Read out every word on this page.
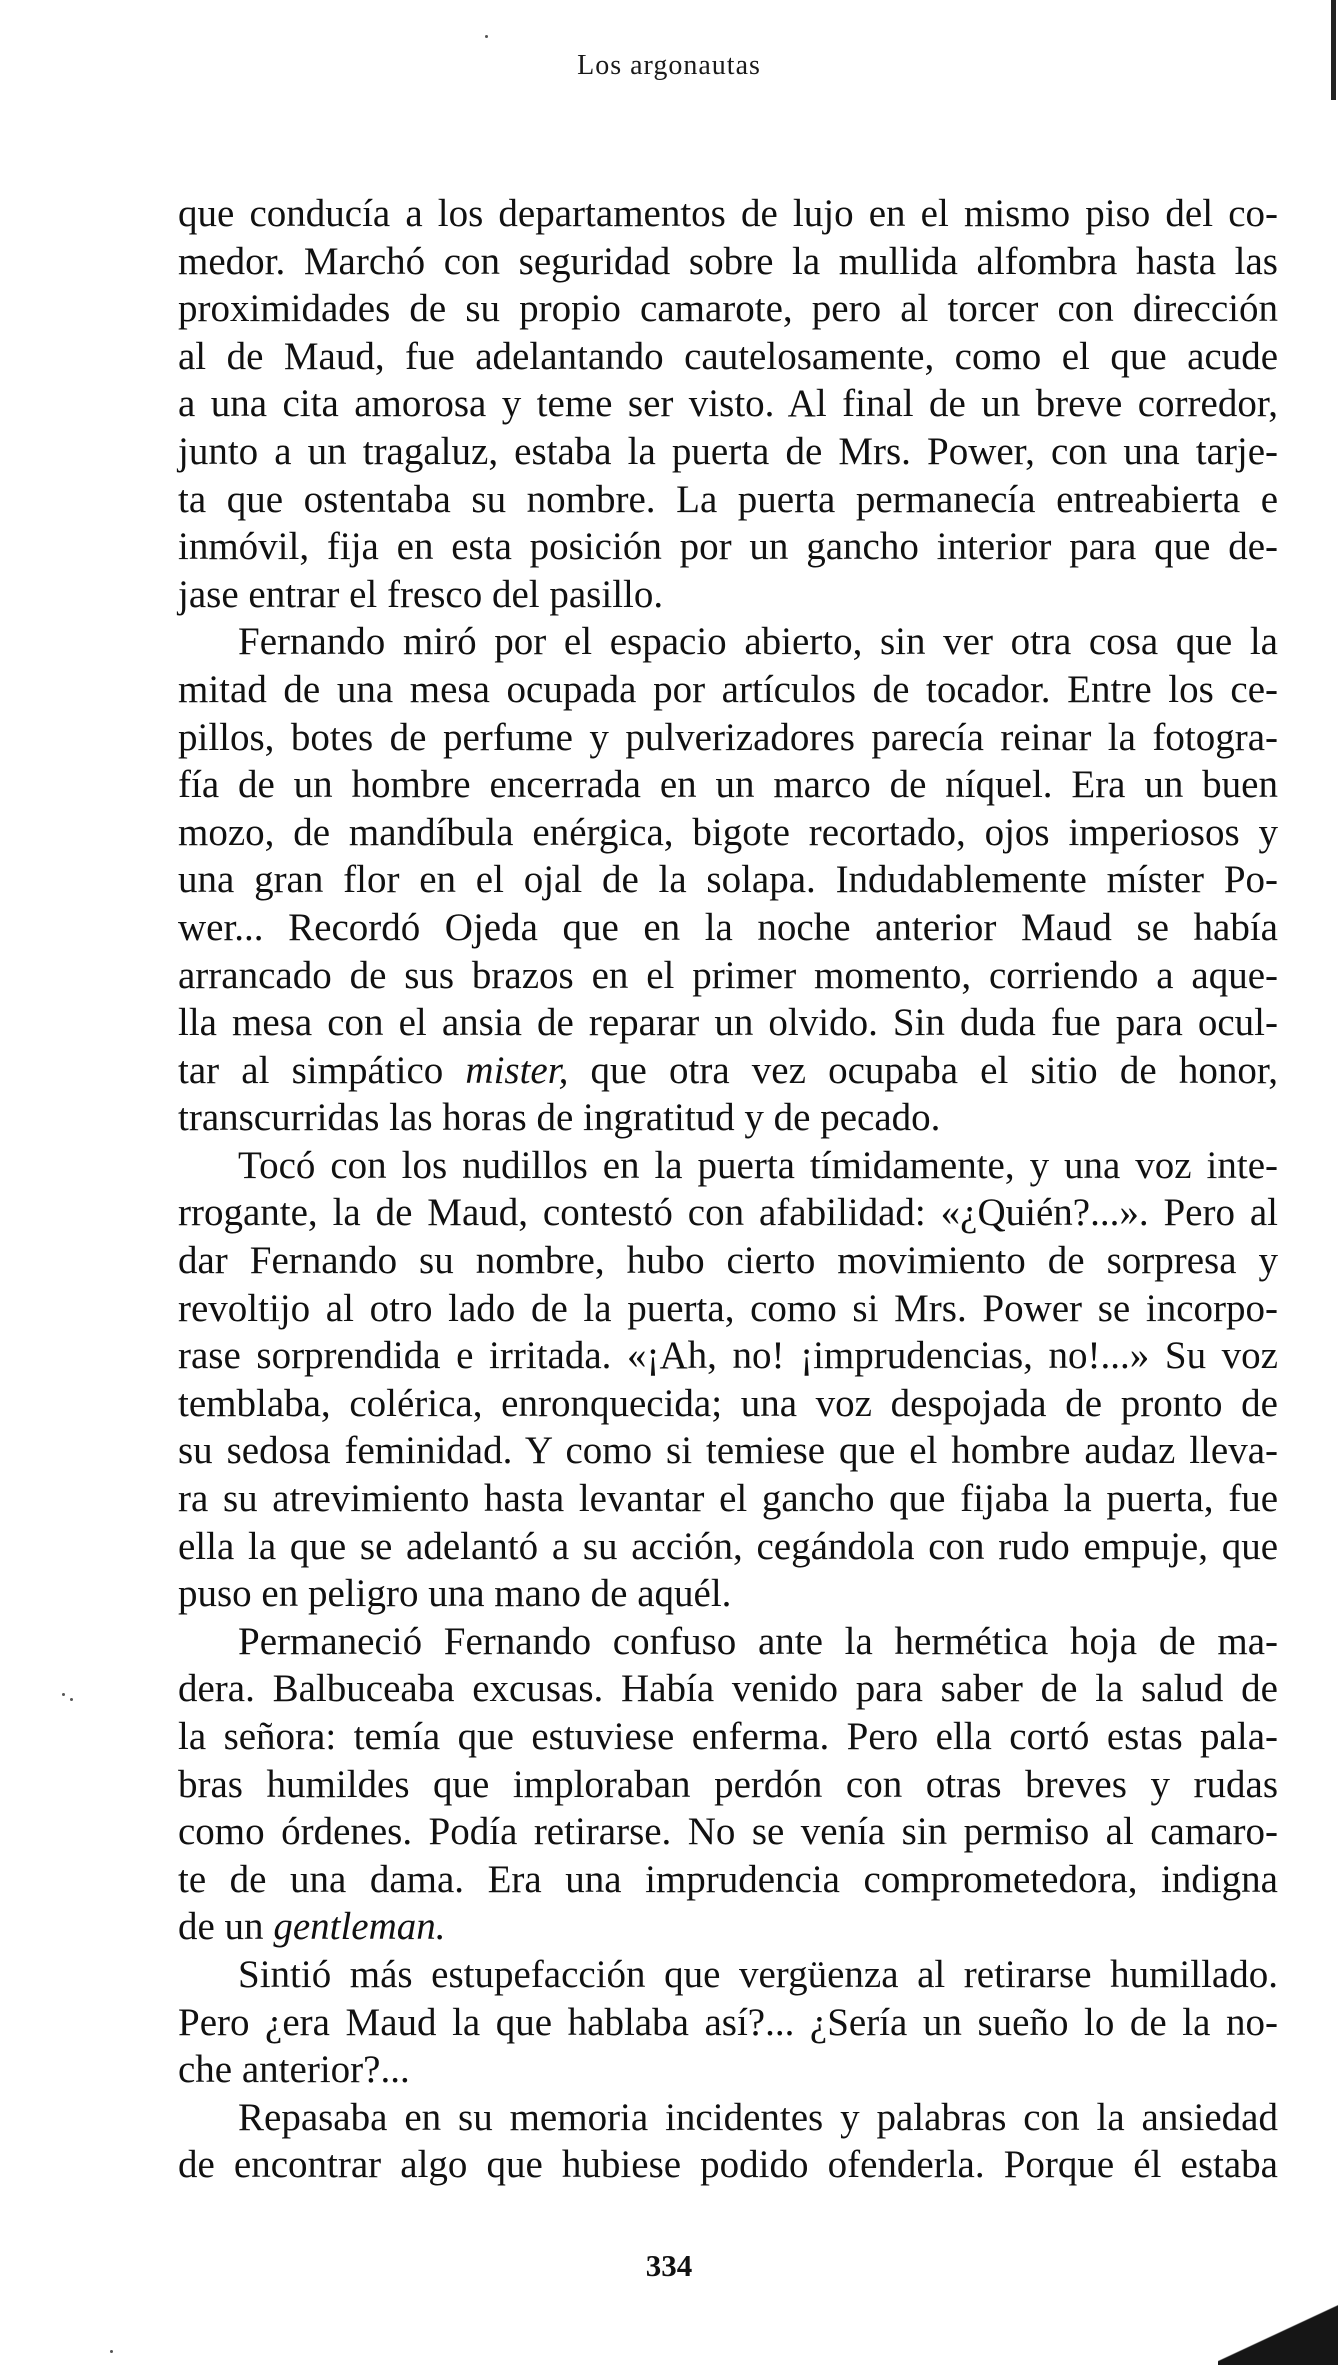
Los argonautas
que conducía a los departamentos de lujo en el mismo piso del co-
medor. Marchó con seguridad sobre la mullida alfombra hasta las
proximidades de su propio camarote, pero al torcer con dirección
al de Maud, fue adelantando cautelosamente, como el que acude
a una cita amorosa y teme ser visto. Al final de un breve corredor,
junto a un tragaluz, estaba la puerta de Mrs. Power, con una tarje-
ta que ostentaba su nombre. La puerta permanecía entreabierta e
inmóvil, fija en esta posición por un gancho interior para que de-
jase entrar el fresco del pasillo.
Fernando miró por el espacio abierto, sin ver otra cosa que la
mitad de una mesa ocupada por artículos de tocador. Entre los ce-
pillos, botes de perfume y pulverizadores parecía reinar la fotogra-
fía de un hombre encerrada en un marco de níquel. Era un buen
mozo, de mandíbula enérgica, bigote recortado, ojos imperiosos y
una gran flor en el ojal de la solapa. Indudablemente míster Po-
wer... Recordó Ojeda que en la noche anterior Maud se había
arrancado de sus brazos en el primer momento, corriendo a aque-
lla mesa con el ansia de reparar un olvido. Sin duda fue para ocul-
tar al simpático mister, que otra vez ocupaba el sitio de honor,
transcurridas las horas de ingratitud y de pecado.
Tocó con los nudillos en la puerta tímidamente, y una voz inte-
rrogante, la de Maud, contestó con afabilidad: «¿Quién?...». Pero al
dar Fernando su nombre, hubo cierto movimiento de sorpresa y
revoltijo al otro lado de la puerta, como si Mrs. Power se incorpo-
rase sorprendida e irritada. «¡Ah, no! ¡imprudencias, no!...» Su voz
temblaba, colérica, enronquecida; una voz despojada de pronto de
su sedosa feminidad. Y como si temiese que el hombre audaz lleva-
ra su atrevimiento hasta levantar el gancho que fijaba la puerta, fue
ella la que se adelantó a su acción, cegándola con rudo empuje, que
puso en peligro una mano de aquél.
Permaneció Fernando confuso ante la hermética hoja de ma-
dera. Balbuceaba excusas. Había venido para saber de la salud de
la señora: temía que estuviese enferma. Pero ella cortó estas pala-
bras humildes que imploraban perdón con otras breves y rudas
como órdenes. Podía retirarse. No se venía sin permiso al camaro-
te de una dama. Era una imprudencia comprometedora, indigna
de un gentleman.
Sintió más estupefacción que vergüenza al retirarse humillado.
Pero ¿era Maud la que hablaba así?... ¿Sería un sueño lo de la no-
che anterior?...
Repasaba en su memoria incidentes y palabras con la ansiedad
de encontrar algo que hubiese podido ofenderla. Porque él estaba
334
